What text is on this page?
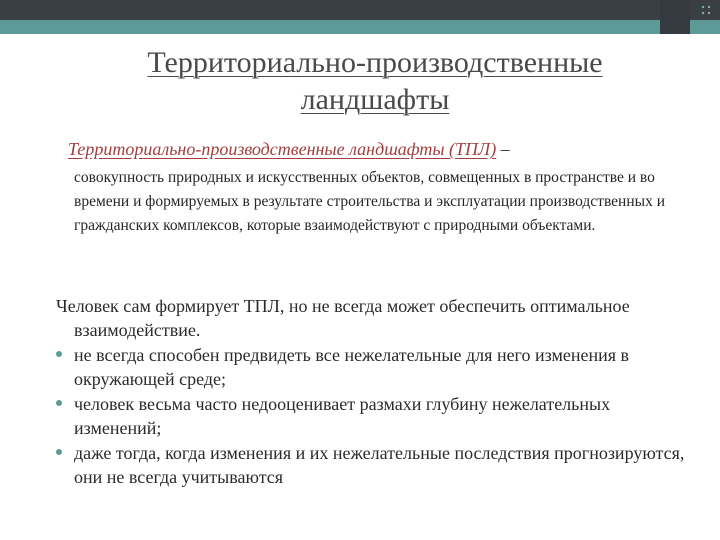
Территориально-производственные ландшафты

Территориально-производственные ландшафты (ТПЛ) –

совокупность природных и искусственных объектов, совмещенных в пространстве и во времени и формируемых в результате строительства и эксплуатации производственных и гражданских комплексов, которые взаимодействуют с природными объектами.

Человек сам формирует ТПЛ, но не всегда может обеспечить оптимальное взаимодействие.

не всегда способен предвидеть все нежелательные для него изменения в окружающей среде;
человек весьма часто недооценивает размахи глубину нежелательных изменений;
даже тогда, когда изменения и их нежелательные последствия прогнозируются, они не всегда учитываются
